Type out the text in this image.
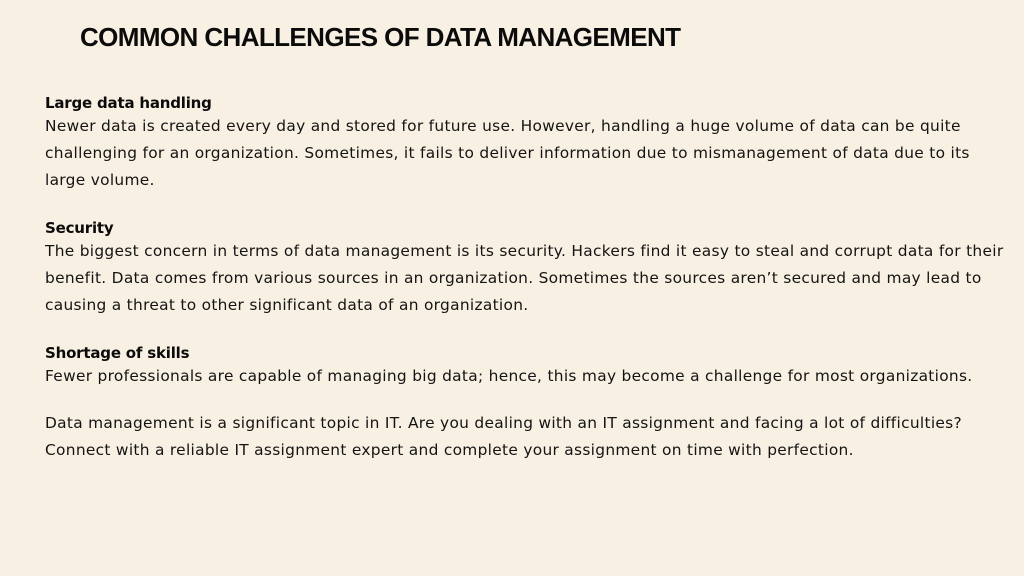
COMMON CHALLENGES OF DATA MANAGEMENT
Large data handling

Newer data is created every day and stored for future use. However, handling a huge volume of data can be quite challenging for an organization. Sometimes, it fails to deliver information due to mismanagement of data due to its large volume.

Security

The biggest concern in terms of data management is its security. Hackers find it easy to steal and corrupt data for their benefit. Data comes from various sources in an organization. Sometimes the sources aren’t secured and may lead to causing a threat to other significant data of an organization.

Shortage of skills

Fewer professionals are capable of managing big data; hence, this may become a challenge for most organizations.

Data management is a significant topic in IT. Are you dealing with an IT assignment and facing a lot of difficulties? Connect with a reliable IT assignment expert and complete your assignment on time with perfection.
